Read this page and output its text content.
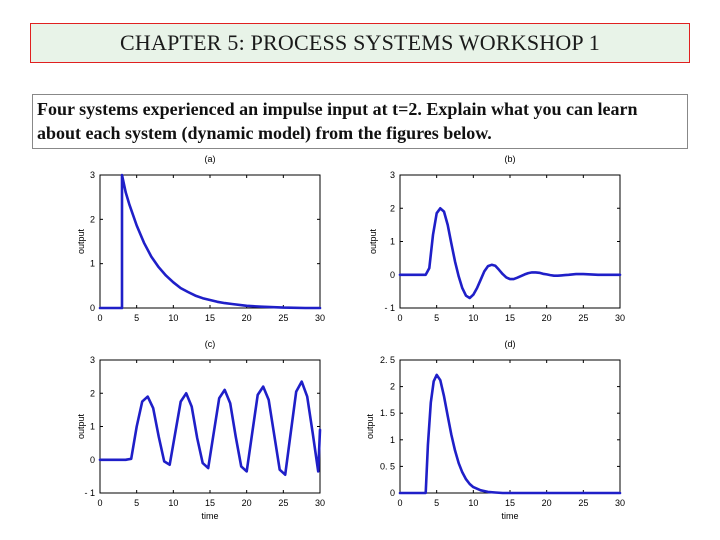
CHAPTER 5: PROCESS SYSTEMS WORKSHOP 1
Four systems experienced an impulse input at t=2. Explain what you can learn about each system (dynamic model) from the figures below.
0	5	10	15	20	25	30
0
1
2
3
(a)
output
0	5	10	15	20	25	30
- 1
0
1
2
3
(b)
output
0	5	10	15	20	25	30
- 1
0
1
2
3
(c)
output
time
0	5	10	15	20	25	30
0
0. 5
1
1. 5
2
2. 5
(d)
output
time
